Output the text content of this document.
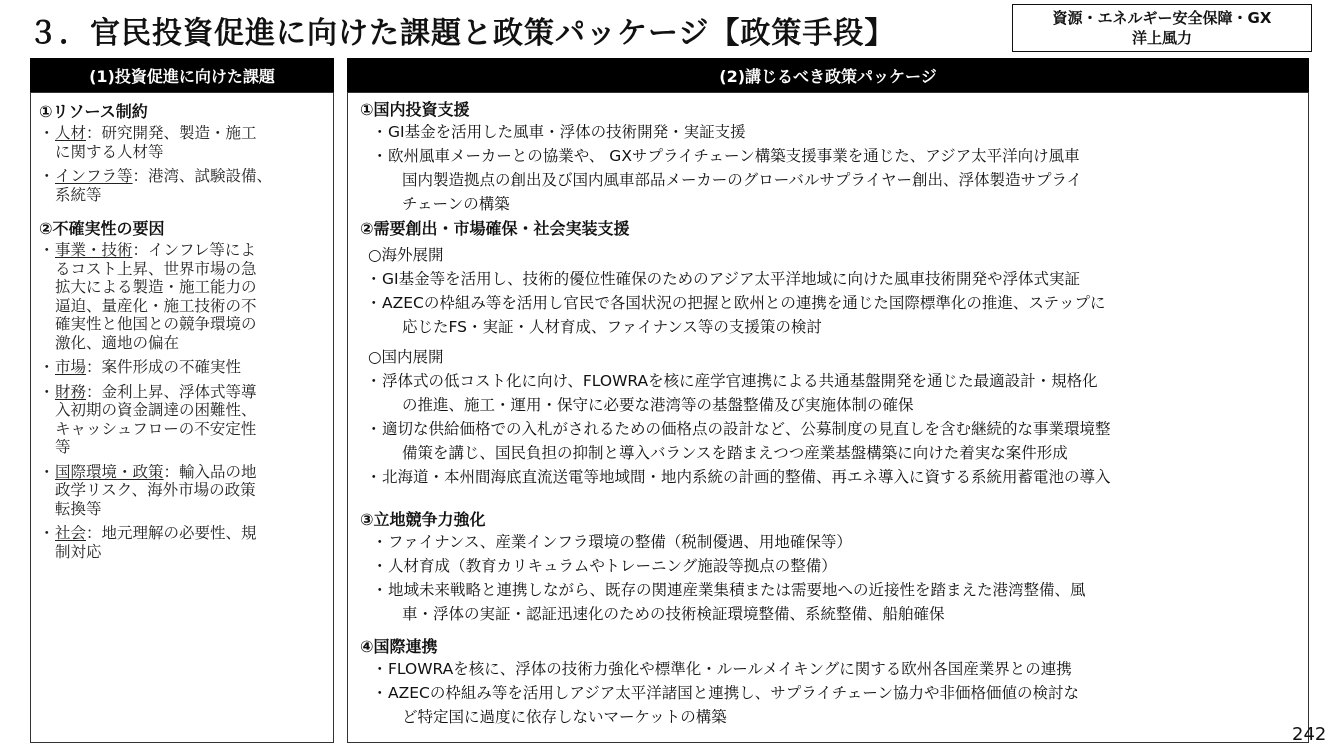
３．官民投資促進に向けた課題と政策パッケージ【政策手段】	資源・エネルギー安全保障・GX
洋上風力
(1)投資促進に向けた課題	(2)講じるべき政策パッケージ
①リソース制約
・ 人材：研究開発、製造・施工
に関する人材等
・ インフラ等：港湾、試験設備、
系統等
②不確実性の要因
・ 事業・技術：インフレ等によ
るコスト上昇、世界市場の急
拡大による製造・施工能力の
逼迫、量産化・施工技術の不
確実性と他国との競争環境の
激化、適地の偏在
・ 市場：案件形成の不確実性
・ 財務：金利上昇、浮体式等導
入初期の資金調達の困難性、
キャッシュフローの不安定性
等
・ 国際環境・政策：輸入品の地
政学リスク、海外市場の政策
転換等
・ 社会：地元理解の必要性、規
制対応
①国内投資支援
・ GI基金を活用した風車・浮体の技術開発・実証支援
・ 欧州風車メーカーとの協業や、 GXサプライチェーン構築支援事業を通じた、アジア太平洋向け風車
国内製造拠点の創出及び国内風車部品メーカーのグローバルサプライヤー創出、浮体製造サプライ
チェーンの構築
②需要創出・市場確保・社会実装支援
○海外展開
・ GI基金等を活用し、技術的優位性確保のためのアジア太平洋地域に向けた風車技術開発や浮体式実証
・ AZECの枠組み等を活用し官民で各国状況の把握と欧州との連携を通じた国際標準化の推進、ステップに
応じたFS・実証・人材育成、ファイナンス等の支援策の検討
○国内展開
・ 浮体式の低コスト化に向け、FLOWRAを核に産学官連携による共通基盤開発を通じた最適設計・規格化
の推進、施工・運用・保守に必要な港湾等の基盤整備及び実施体制の確保
・ 適切な供給価格での入札がされるための価格点の設計など、公募制度の見直しを含む継続的な事業環境整
備策を講じ、国民負担の抑制と導入バランスを踏まえつつ産業基盤構築に向けた着実な案件形成
・ 北海道・本州間海底直流送電等地域間・地内系統の計画的整備、再エネ導入に資する系統用蓄電池の導入
③立地競争力強化
・ ファイナンス、産業インフラ環境の整備（税制優遇、用地確保等）
・ 人材育成（教育カリキュラムやトレーニング施設等拠点の整備）
・ 地域未来戦略と連携しながら、既存の関連産業集積または需要地への近接性を踏まえた港湾整備、風
車・浮体の実証・認証迅速化のための技術検証環境整備、系統整備、船舶確保
④国際連携
・ FLOWRAを核に、浮体の技術力強化や標準化・ルールメイキングに関する欧州各国産業界との連携
・ AZECの枠組み等を活用しアジア太平洋諸国と連携し、サプライチェーン協力や非価格価値の検討な
ど特定国に過度に依存しないマーケットの構築
242
